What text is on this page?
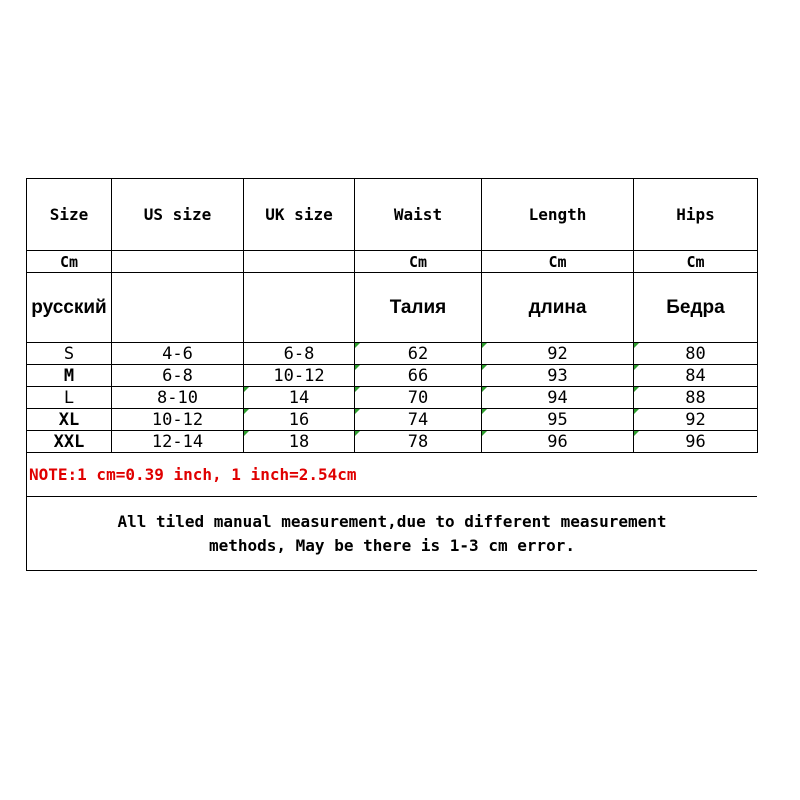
Size	US size	UK size	Waist	Length	Hips
Cm			Cm	Cm	Cm
русский			Талия	длина	Бедра
S	4-6	6-8	62	92	80
M	6-8	10-12	66	93	84
L	8-10	14	70	94	88
XL	10-12	16	74	95	92
XXL	12-14	18	78	96	96
NOTE:1 cm=0.39 inch, 1 inch=2.54cm
All tiled manual measurement,due to different measurement
methods, May be there is 1-3 cm error.
